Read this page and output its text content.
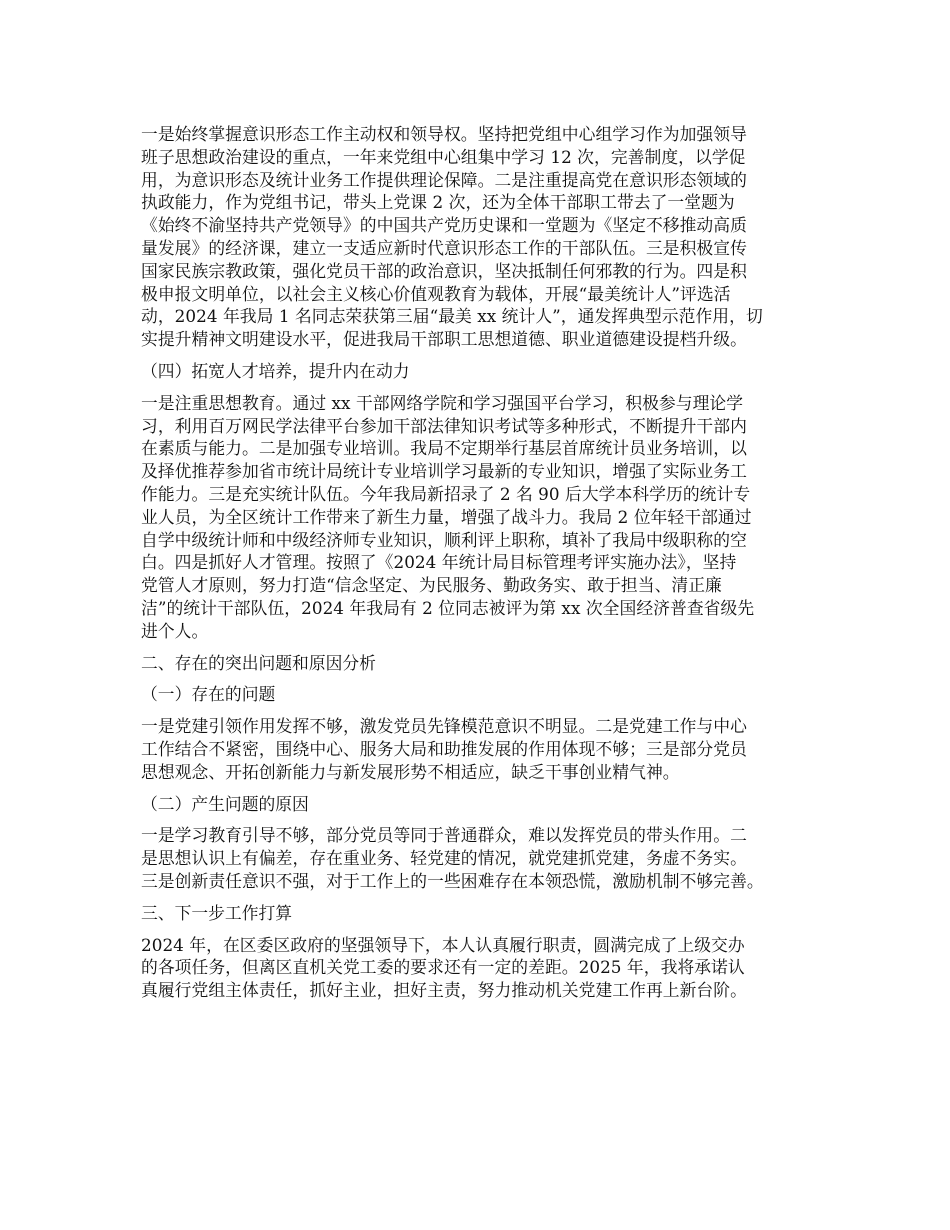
一是始终掌握意识形态工作主动权和领导权。坚持把党组中心组学习作为加强领导
班子思想政治建设的重点，一年来党组中心组集中学习 12 次，完善制度，以学促
用，为意识形态及统计业务工作提供理论保障。二是注重提高党在意识形态领域的
执政能力，作为党组书记，带头上党课 2 次，还为全体干部职工带去了一堂题为
《始终不渝坚持共产党领导》的中国共产党历史课和一堂题为《坚定不移推动高质
量发展》的经济课，建立一支适应新时代意识形态工作的干部队伍。三是积极宣传
国家民族宗教政策，强化党员干部的政治意识，坚决抵制任何邪教的行为。四是积
极申报文明单位，以社会主义核心价值观教育为载体，开展“最美统计人”评选活
动，2024 年我局 1 名同志荣获第三届“最美 xx 统计人”，通发挥典型示范作用，切
实提升精神文明建设水平，促进我局干部职工思想道德、职业道德建设提档升级。
（四）拓宽人才培养，提升内在动力
一是注重思想教育。通过 xx 干部网络学院和学习强国平台学习，积极参与理论学
习，利用百万网民学法律平台参加干部法律知识考试等多种形式，不断提升干部内
在素质与能力。二是加强专业培训。我局不定期举行基层首席统计员业务培训，以
及择优推荐参加省市统计局统计专业培训学习最新的专业知识，增强了实际业务工
作能力。三是充实统计队伍。今年我局新招录了 2 名 90 后大学本科学历的统计专
业人员，为全区统计工作带来了新生力量，增强了战斗力。我局 2 位年轻干部通过
自学中级统计师和中级经济师专业知识，顺利评上职称，填补了我局中级职称的空
白。四是抓好人才管理。按照了《2024 年统计局目标管理考评实施办法》，坚持
党管人才原则，努力打造“信念坚定、为民服务、勤政务实、敢于担当、清正廉
洁”的统计干部队伍，2024 年我局有 2 位同志被评为第 xx 次全国经济普查省级先
进个人。
二、存在的突出问题和原因分析
（一）存在的问题
一是党建引领作用发挥不够，激发党员先锋模范意识不明显。二是党建工作与中心
工作结合不紧密，围绕中心、服务大局和助推发展的作用体现不够；三是部分党员
思想观念、开拓创新能力与新发展形势不相适应，缺乏干事创业精气神。
（二）产生问题的原因
一是学习教育引导不够，部分党员等同于普通群众，难以发挥党员的带头作用。二
是思想认识上有偏差，存在重业务、轻党建的情况，就党建抓党建，务虚不务实。
三是创新责任意识不强，对于工作上的一些困难存在本领恐慌，激励机制不够完善。
三、下一步工作打算
2024 年，在区委区政府的坚强领导下，本人认真履行职责，圆满完成了上级交办
的各项任务，但离区直机关党工委的要求还有一定的差距。2025 年，我将承诺认
真履行党组主体责任，抓好主业，担好主责，努力推动机关党建工作再上新台阶。
